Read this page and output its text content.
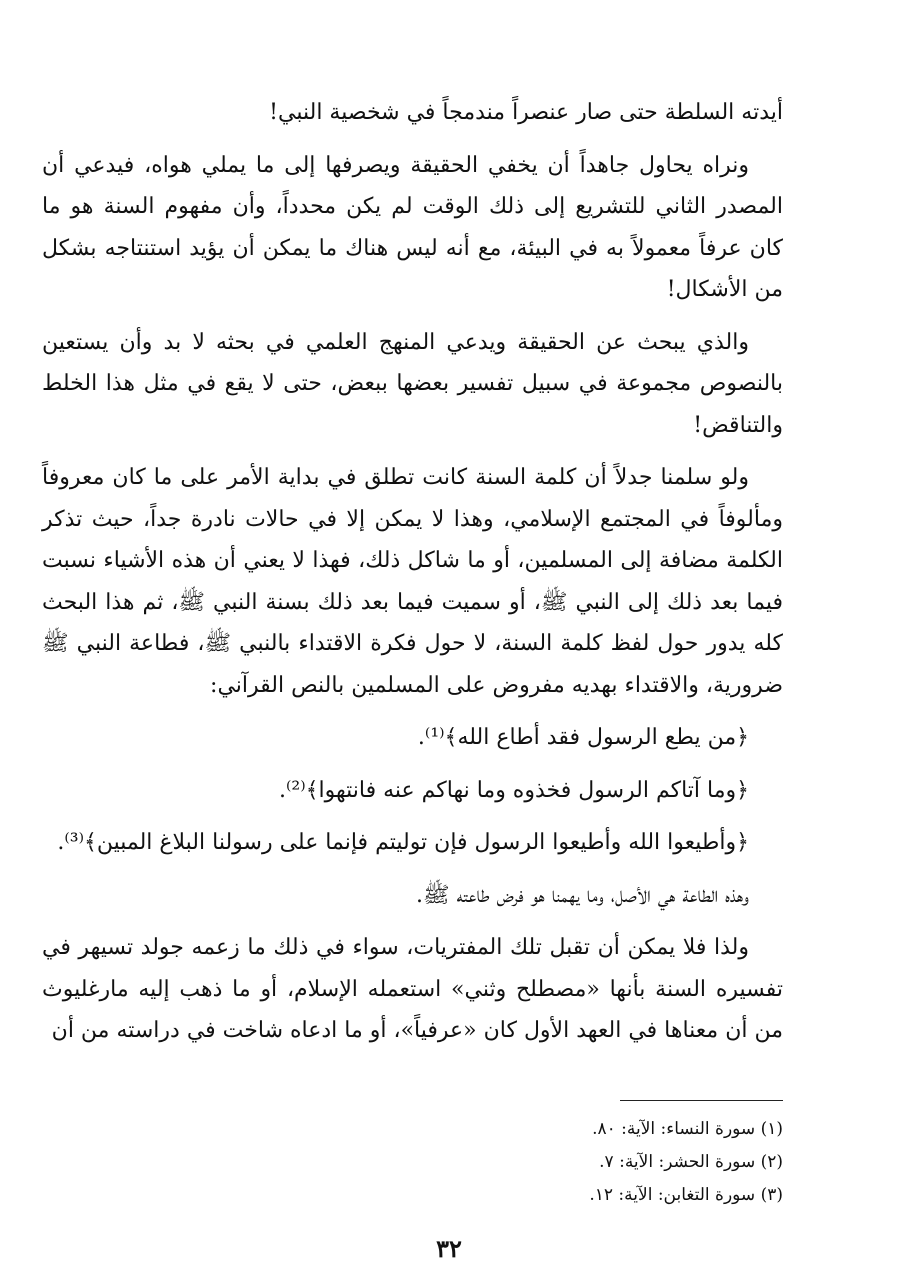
أيدته السلطة حتى صار عنصراً مندمجاً في شخصية النبي!

ونراه يحاول جاهداً أن يخفي الحقيقة ويصرفها إلى ما يملي هواه، فيدعي أن المصدر الثاني للتشريع إلى ذلك الوقت لم يكن محدداً، وأن مفهوم السنة هو ما كان عرفاً معمولاً به في البيئة، مع أنه ليس هناك ما يمكن أن يؤيد استنتاجه بشكل من الأشكال!

والذي يبحث عن الحقيقة ويدعي المنهج العلمي في بحثه لا بد وأن يستعين بالنصوص مجموعة في سبيل تفسير بعضها ببعض، حتى لا يقع في مثل هذا الخلط والتناقض!

ولو سلمنا جدلاً أن كلمة السنة كانت تطلق في بداية الأمر على ما كان معروفاً ومألوفاً في المجتمع الإسلامي، وهذا لا يمكن إلا في حالات نادرة جداً، حيث تذكر الكلمة مضافة إلى المسلمين، أو ما شاكل ذلك، فهذا لا يعني أن هذه الأشياء نسبت فيما بعد ذلك إلى النبي ﷺ، أو سميت فيما بعد ذلك بسنة النبي ﷺ، ثم هذا البحث كله يدور حول لفظ كلمة السنة، لا حول فكرة الاقتداء بالنبي ﷺ، فطاعة النبي ﷺ ضرورية، والاقتداء بهديه مفروض على المسلمين بالنص القرآني:

﴿من يطع الرسول فقد أطاع الله﴾⁽¹⁾.

﴿وما آتاكم الرسول فخذوه وما نهاكم عنه فانتهوا﴾⁽²⁾.

﴿وأطيعوا الله وأطيعوا الرسول فإن توليتم فإنما على رسولنا البلاغ المبين﴾⁽³⁾.

وهذه الطاعة هي الأصل، وما يهمنا هو فرض طاعته ﷺ.

ولذا فلا يمكن أن تقبل تلك المفتريات، سواء في ذلك ما زعمه جولد تسيهر في تفسيره السنة بأنها «مصطلح وثني» استعمله الإسلام، أو ما ذهب إليه مارغليوث من أن معناها في العهد الأول كان «عرفياً»، أو ما ادعاه شاخت في دراسته من أن

(١) سورة النساء: الآية: ٨٠.
(٢) سورة الحشر: الآية: ٧.
(٣) سورة التغابن: الآية: ١٢.
٣٢
